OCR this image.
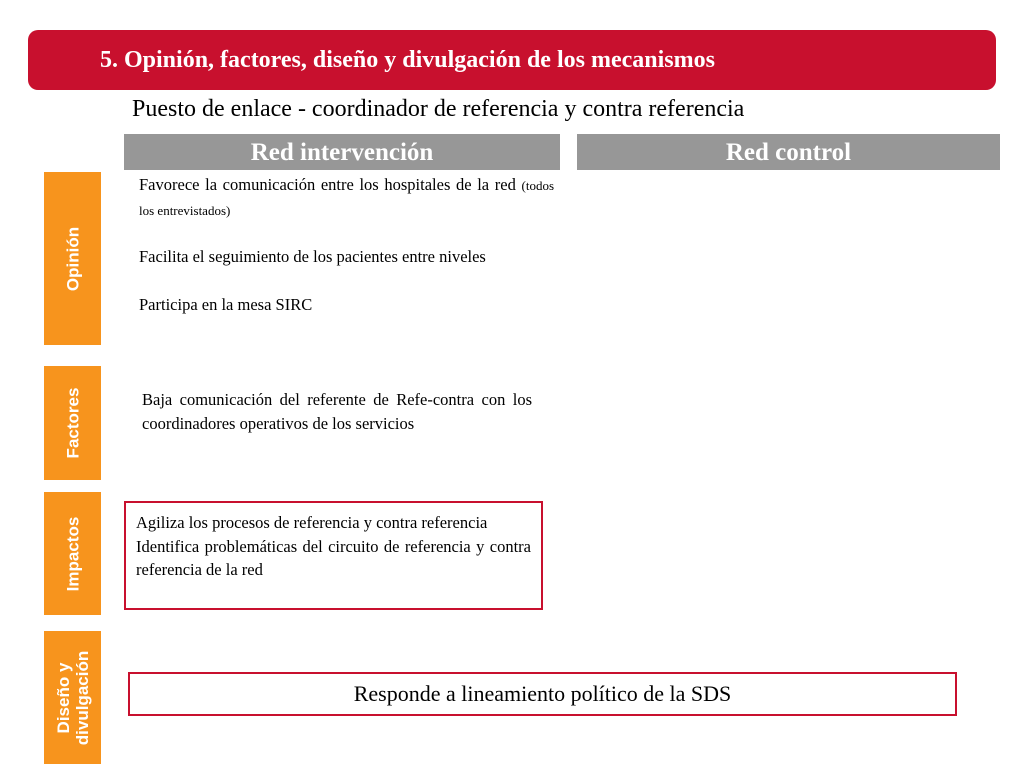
5. Opinión, factores, diseño y divulgación de los mecanismos
Puesto de enlace - coordinador de referencia y contra referencia
Red intervención	Red control
Opinión
Factores
Impactos
Diseño y divulgación

Favorece la comunicación entre los hospitales de la red (todos los entrevistados)

Facilita el seguimiento de los pacientes entre niveles

Participa en la mesa SIRC

Baja comunicación del referente de Refe-contra con los coordinadores operativos de los servicios

Agiliza los procesos de referencia y contra referencia

Identifica problemáticas del circuito de referencia y contra referencia de la red

Responde a lineamiento político de la SDS
